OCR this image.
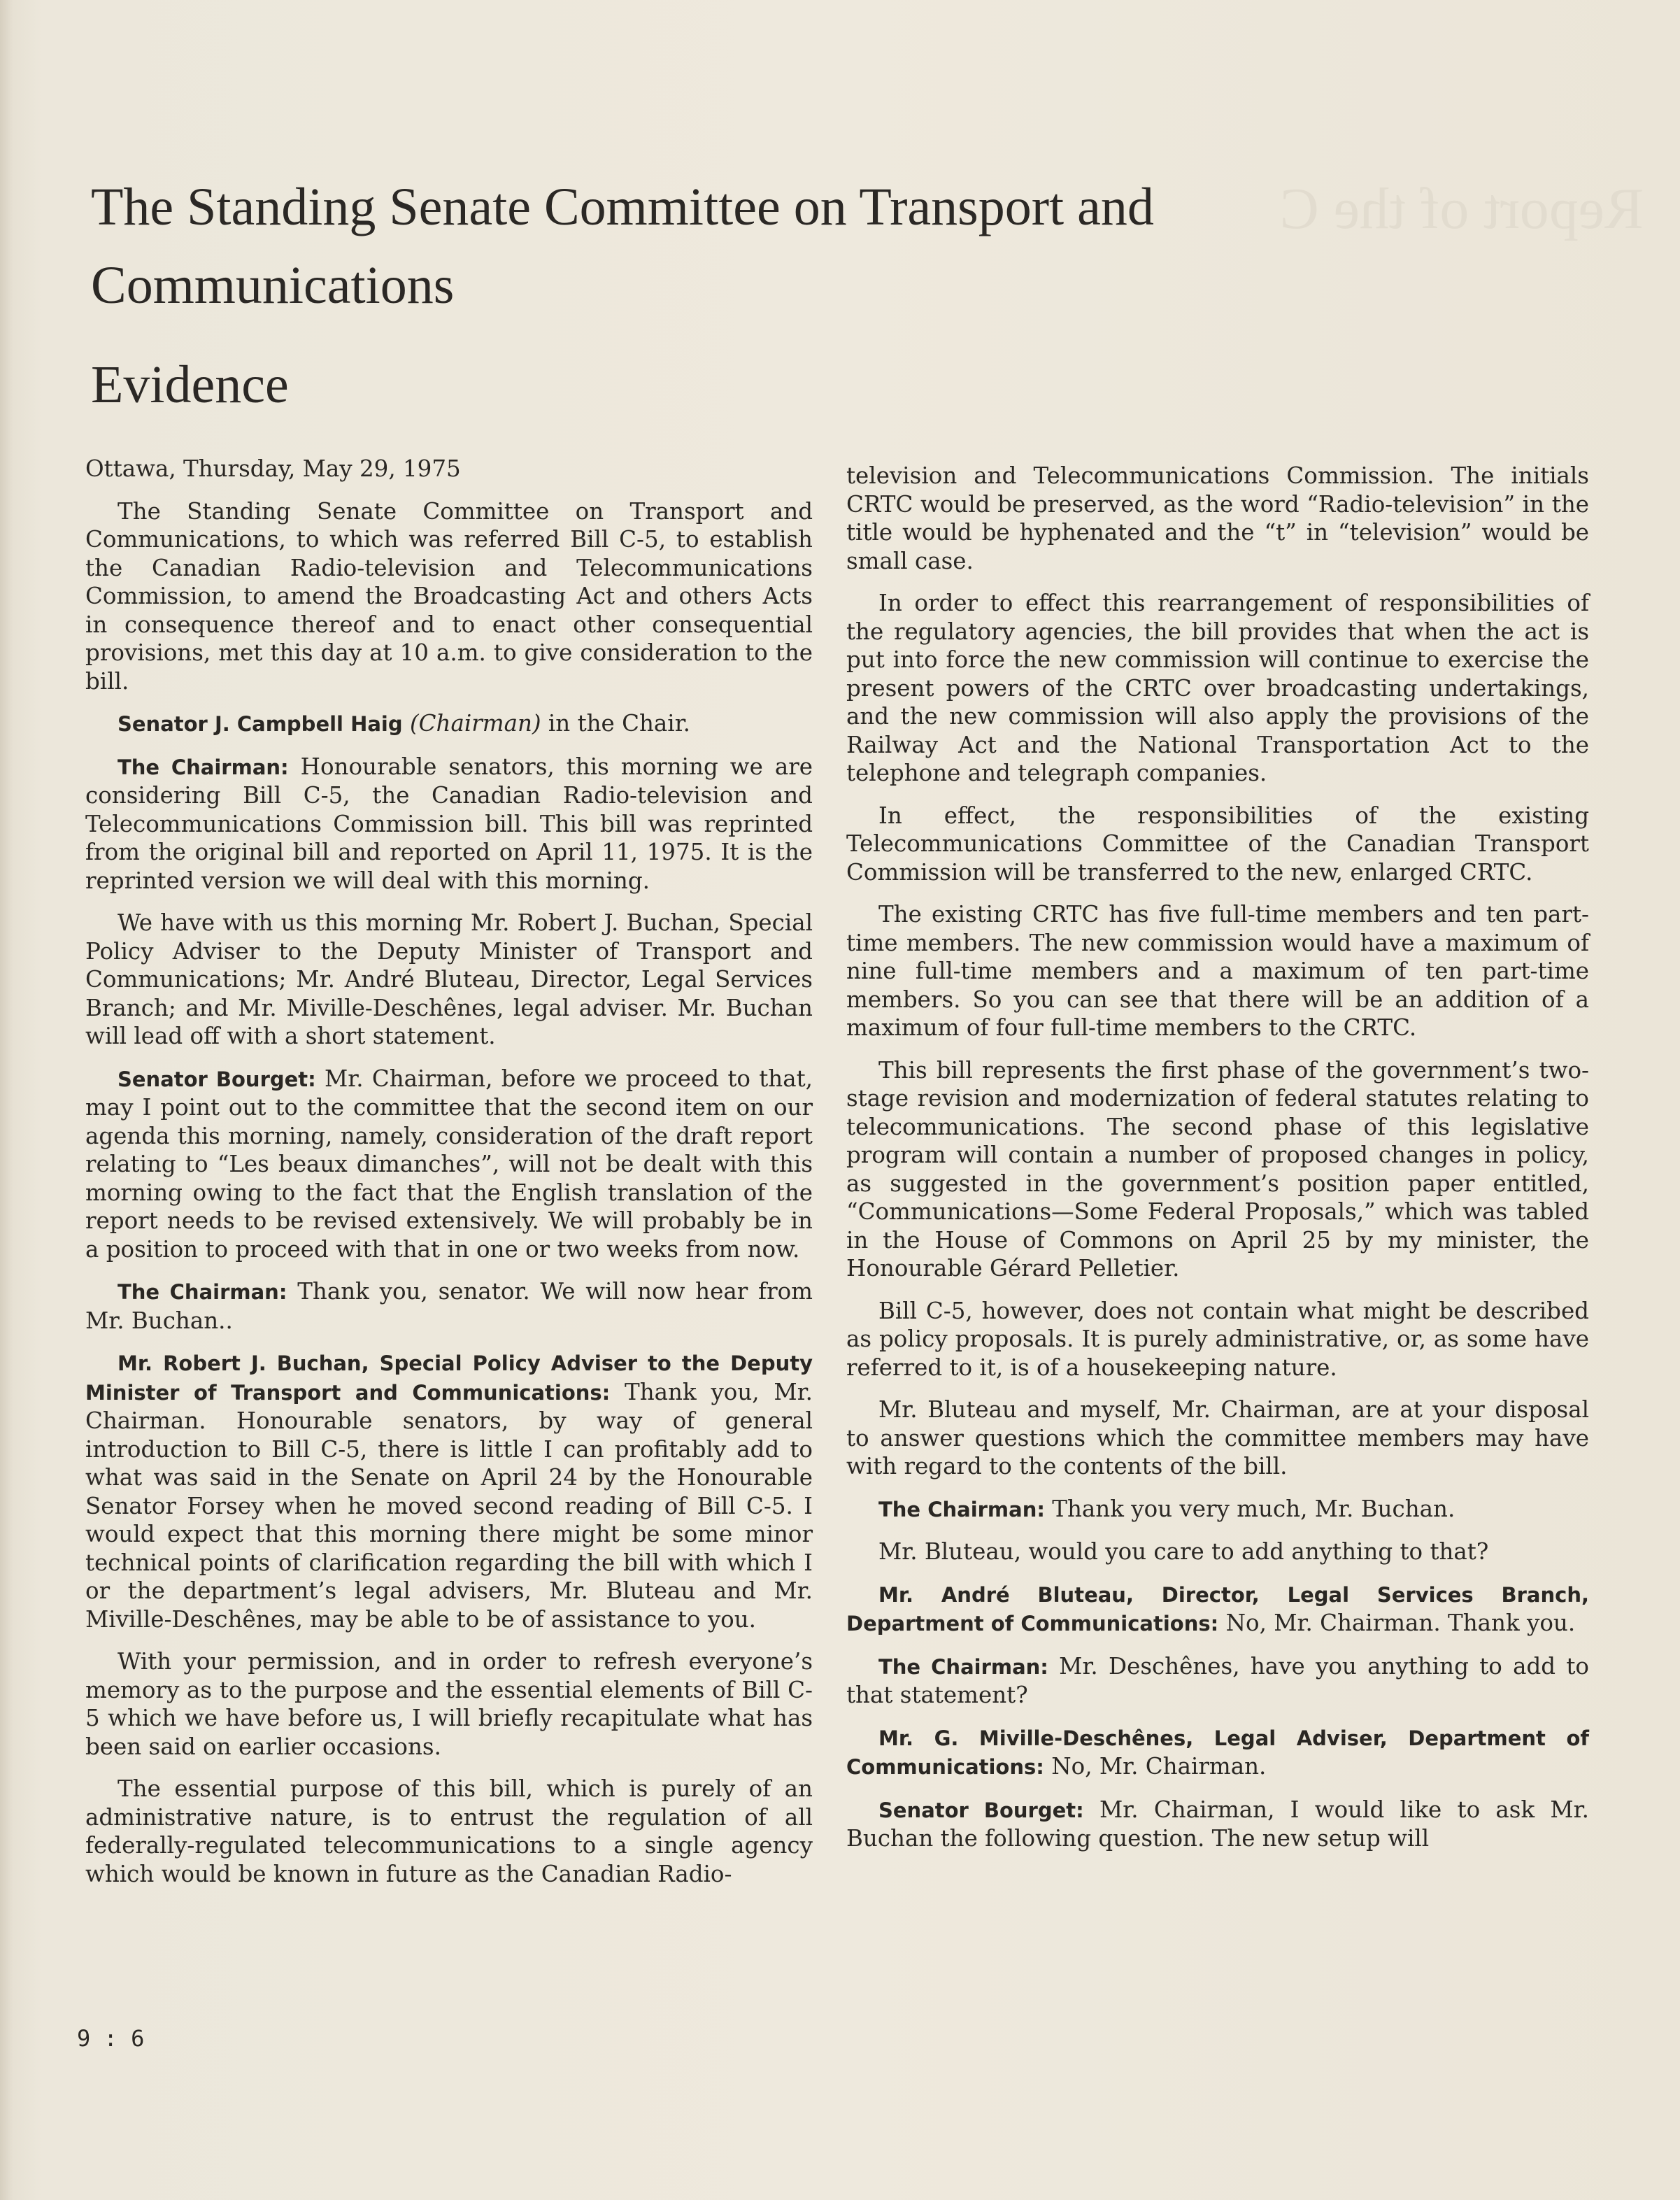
Report of the C
The Standing Senate Committee on Transport and Communications
Evidence

Ottawa, Thursday, May 29, 1975

The Standing Senate Committee on Transport and Communications, to which was referred Bill C-5, to establish the Canadian Radio-television and Telecommunications Commission, to amend the Broadcasting Act and others Acts in consequence thereof and to enact other consequential provisions, met this day at 10 a.m. to give consideration to the bill.

Senator J. Campbell Haig (Chairman) in the Chair.

The Chairman: Honourable senators, this morning we are considering Bill C-5, the Canadian Radio-television and Telecommunications Commission bill. This bill was reprinted from the original bill and reported on April 11, 1975. It is the reprinted version we will deal with this morning.

We have with us this morning Mr. Robert J. Buchan, Special Policy Adviser to the Deputy Minister of Transport and Communications; Mr. André Bluteau, Director, Legal Services Branch; and Mr. Miville-Deschênes, legal adviser. Mr. Buchan will lead off with a short statement.

Senator Bourget: Mr. Chairman, before we proceed to that, may I point out to the committee that the second item on our agenda this morning, namely, consideration of the draft report relating to “Les beaux dimanches”, will not be dealt with this morning owing to the fact that the English translation of the report needs to be revised extensively. We will probably be in a position to proceed with that in one or two weeks from now.

The Chairman: Thank you, senator. We will now hear from Mr. Buchan..

Mr. Robert J. Buchan, Special Policy Adviser to the Deputy Minister of Transport and Communications: Thank you, Mr. Chairman. Honourable senators, by way of general introduction to Bill C-5, there is little I can profitably add to what was said in the Senate on April 24 by the Honourable Senator Forsey when he moved second reading of Bill C-5. I would expect that this morning there might be some minor technical points of clarification regarding the bill with which I or the department’s legal advisers, Mr. Bluteau and Mr. Miville-Deschênes, may be able to be of assistance to you.

With your permission, and in order to refresh everyone’s memory as to the purpose and the essential elements of Bill C-5 which we have before us, I will briefly recapitulate what has been said on earlier occasions.

The essential purpose of this bill, which is purely of an administrative nature, is to entrust the regulation of all federally-regulated telecommunications to a single agency which would be known in future as the Canadian Radio-

television and Telecommunications Commission. The initials CRTC would be preserved, as the word “Radio-television” in the title would be hyphenated and the “t” in “television” would be small case.

In order to effect this rearrangement of responsibilities of the regulatory agencies, the bill provides that when the act is put into force the new commission will continue to exercise the present powers of the CRTC over broadcasting undertakings, and the new commission will also apply the provisions of the Railway Act and the National Transportation Act to the telephone and telegraph companies.

In effect, the responsibilities of the existing Telecommunications Committee of the Canadian Transport Commission will be transferred to the new, enlarged CRTC.

The existing CRTC has five full-time members and ten part-time members. The new commission would have a maximum of nine full-time members and a maximum of ten part-time members. So you can see that there will be an addition of a maximum of four full-time members to the CRTC.

This bill represents the first phase of the government’s two-stage revision and modernization of federal statutes relating to telecommunications. The second phase of this legislative program will contain a number of proposed changes in policy, as suggested in the government’s position paper entitled, “Communications—Some Federal Proposals,” which was tabled in the House of Commons on April 25 by my minister, the Honourable Gérard Pelletier.

Bill C-5, however, does not contain what might be described as policy proposals. It is purely administrative, or, as some have referred to it, is of a housekeeping nature.

Mr. Bluteau and myself, Mr. Chairman, are at your disposal to answer questions which the committee members may have with regard to the contents of the bill.

The Chairman: Thank you very much, Mr. Buchan.

Mr. Bluteau, would you care to add anything to that?

Mr. André Bluteau, Director, Legal Services Branch, Department of Communications: No, Mr. Chairman. Thank you.

The Chairman: Mr. Deschênes, have you anything to add to that statement?

Mr. G. Miville-Deschênes, Legal Adviser, Department of Communications: No, Mr. Chairman.

Senator Bourget: Mr. Chairman, I would like to ask Mr. Buchan the following question. The new setup will

9 : 6
